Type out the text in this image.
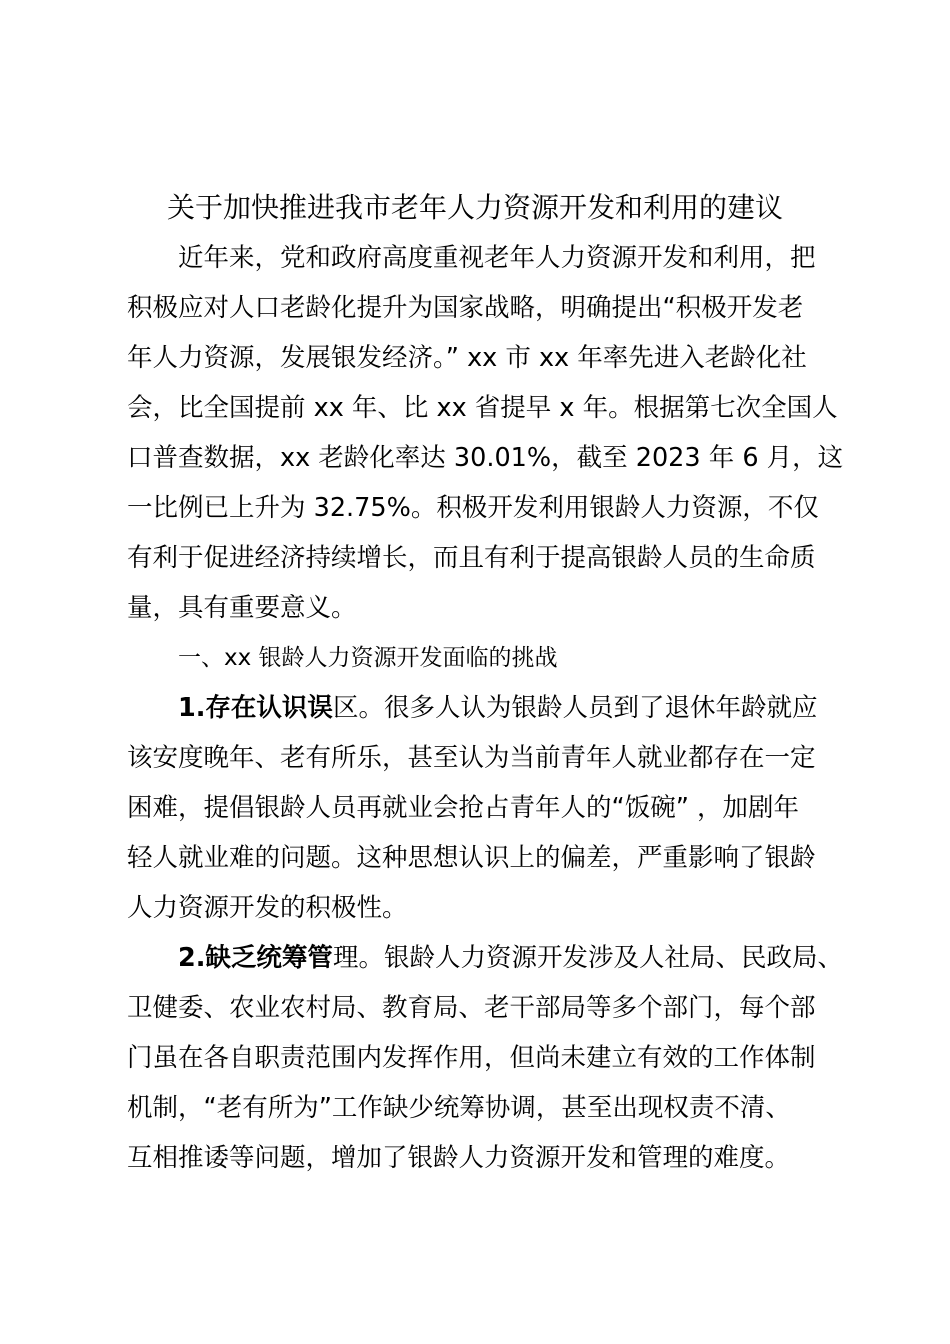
关于加快推进我市老年人力资源开发和利用的建议

近年来，党和政府高度重视老年人力资源开发和利用，把
积极应对人口老龄化提升为国家战略，明确提出“积极开发老
年人力资源，发展银发经济。” xx 市 xx 年率先进入老龄化社
会，比全国提前 xx 年、比 xx 省提早 x 年。根据第七次全国人
口普查数据，xx 老龄化率达 30.01%，截至 2023 年 6 月，这
一比例已上升为 32.75%。积极开发利用银龄人力资源，不仅
有利于促进经济持续增长，而且有利于提高银龄人员的生命质
量，具有重要意义。

一、xx 银龄人力资源开发面临的挑战

1.存在认识误区。很多人认为银龄人员到了退休年龄就应
该安度晚年、老有所乐，甚至认为当前青年人就业都存在一定
困难，提倡银龄人员再就业会抢占青年人的“饭碗” ，加剧年
轻人就业难的问题。这种思想认识上的偏差，严重影响了银龄
人力资源开发的积极性。

2.缺乏统筹管理。银龄人力资源开发涉及人社局、民政局、
卫健委、农业农村局、教育局、老干部局等多个部门，每个部
门虽在各自职责范围内发挥作用，但尚未建立有效的工作体制
机制，“老有所为”工作缺少统筹协调，甚至出现权责不清、
互相推诿等问题，增加了银龄人力资源开发和管理的难度。
